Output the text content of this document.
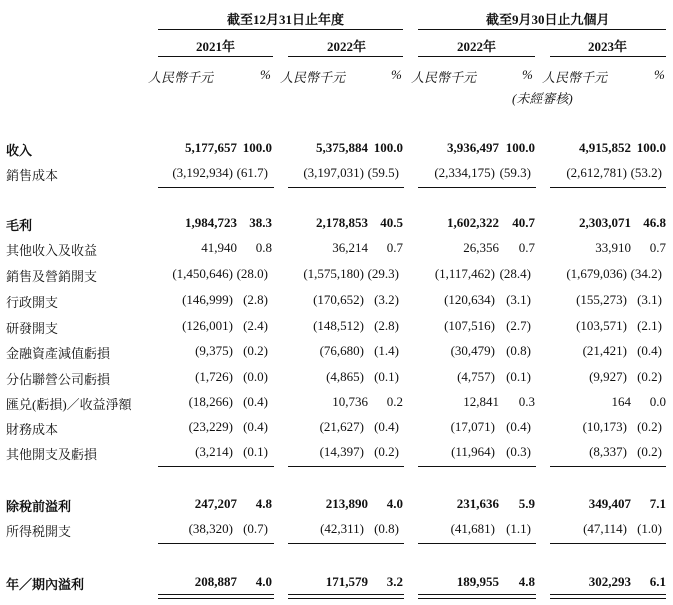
截至12月31日止年度	截至9月30日止九個月
2021年	2022年	2022年	2023年
人民幣千元	% 人民幣千元	% 人民幣千元	% 人民幣千元	%
(未經審核)
收入	5,177,657 100.0	5,375,884 100.0	3,936,497 100.0	4,915,852 100.0
銷售成本	(3,192,934) (61.7)	(3,197,031) (59.5)	(2,334,175) (59.3)	(2,612,781) (53.2)
毛利	1,984,723 38.3	2,178,853 40.5	1,602,322 40.7	2,303,071 46.8
其他收入及收益	41,940 0.8	36,214 0.7	26,356 0.7	33,910 0.7
銷售及營銷開支	(1,450,646) (28.0)	(1,575,180) (29.3)	(1,117,462) (28.4)	(1,679,036) (34.2)
行政開支	(146,999) (2.8)	(170,652) (3.2)	(120,634) (3.1)	(155,273) (3.1)
研發開支	(126,001) (2.4)	(148,512) (2.8)	(107,516) (2.7)	(103,571) (2.1)
金融資產減值虧損	(9,375) (0.2)	(76,680) (1.4)	(30,479) (0.8)	(21,421) (0.4)
分佔聯營公司虧損	(1,726) (0.0)	(4,865) (0.1)	(4,757) (0.1)	(9,927) (0.2)
匯兑(虧損)／收益淨額	(18,266) (0.4)	10,736 0.2	12,841 0.3	164 0.0
財務成本	(23,229) (0.4)	(21,627) (0.4)	(17,071) (0.4)	(10,173) (0.2)
其他開支及虧損	(3,214) (0.1)	(14,397) (0.2)	(11,964) (0.3)	(8,337) (0.2)
除稅前溢利	247,207 4.8	213,890 4.0	231,636 5.9	349,407 7.1
所得税開支	(38,320) (0.7)	(42,311) (0.8)	(41,681) (1.1)	(47,114) (1.0)
年／期內溢利	208,887 4.0	171,579 3.2	189,955 4.8	302,293 6.1
